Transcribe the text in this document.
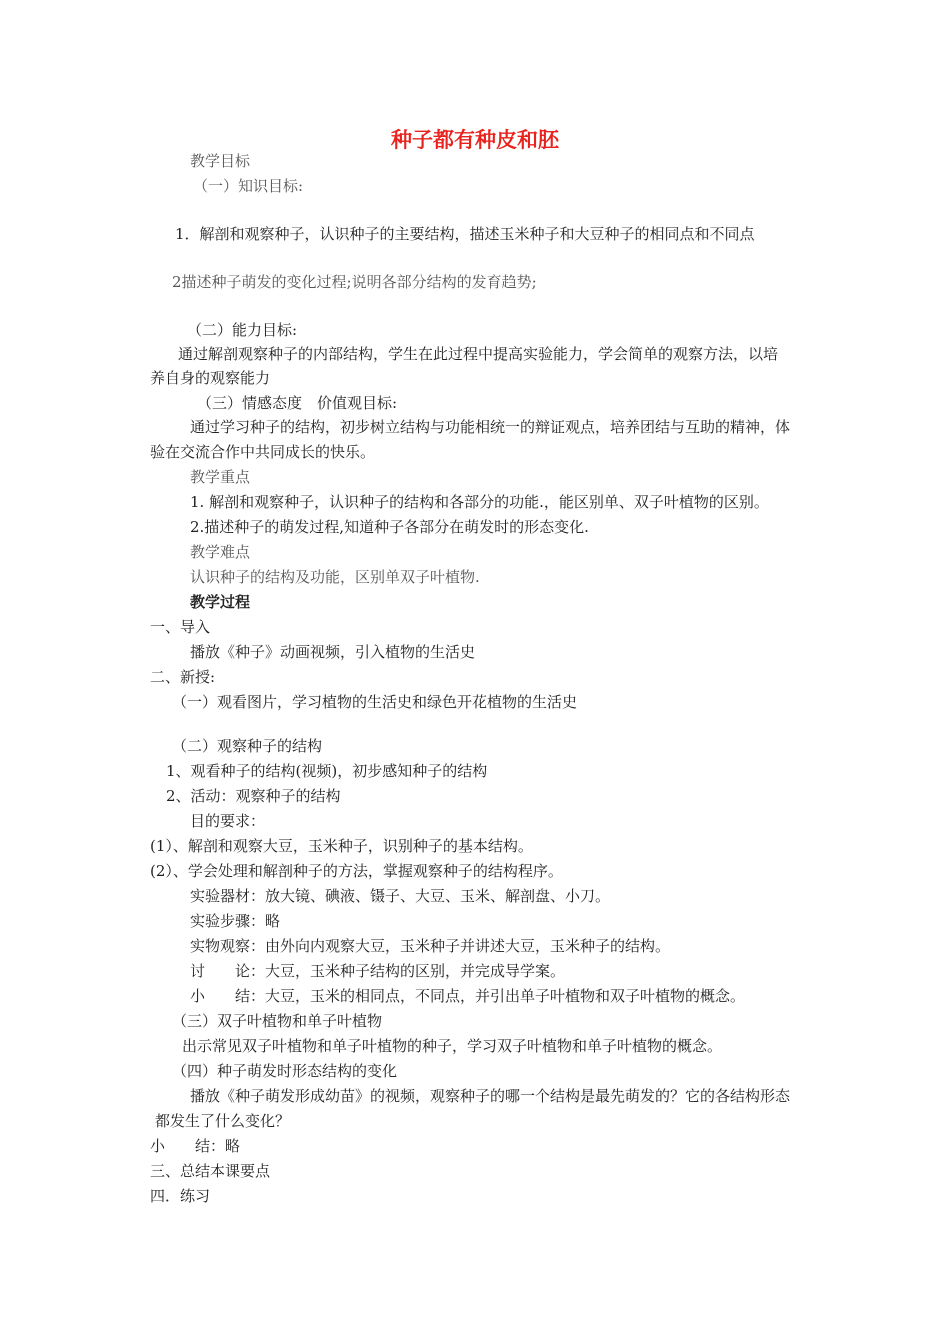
种子都有种皮和胚
教学目标
（一）知识目标:
1．解剖和观察种子，认识种子的主要结构，描述玉米种子和大豆种子的相同点和不同点
2描述种子萌发的变化过程;说明各部分结构的发育趋势;
（二）能力目标:
通过解剖观察种子的内部结构，学生在此过程中提高实验能力，学会简单的观察方法，以培
养自身的观察能力
（三）情感态度　价值观目标:
通过学习种子的结构，初步树立结构与功能相统一的辩证观点，培养团结与互助的精神，体
验在交流合作中共同成长的快乐。
教学重点
1. 解剖和观察种子，认识种子的结构和各部分的功能.，能区别单、双子叶植物的区别。
2.描述种子的萌发过程,知道种子各部分在萌发时的形态变化.
教学难点
认识种子的结构及功能，区别单双子叶植物.
教学过程
一、导入
播放《种子》动画视频，引入植物的生活史
二、新授:
（一）观看图片，学习植物的生活史和绿色开花植物的生活史
（二）观察种子的结构
1、观看种子的结构(视频)，初步感知种子的结构
2、活动：观察种子的结构
目的要求：
(1）、解剖和观察大豆，玉米种子，识别种子的基本结构。
(2）、学会处理和解剖种子的方法，掌握观察种子的结构程序。
实验器材：放大镜、碘液、镊子、大豆、玉米、解剖盘、小刀。
实验步骤：略
实物观察：由外向内观察大豆，玉米种子并讲述大豆，玉米种子的结构。
讨　　论：大豆，玉米种子结构的区别，并完成导学案。
小　　结：大豆，玉米的相同点，不同点，并引出单子叶植物和双子叶植物的概念。
（三）双子叶植物和单子叶植物
出示常见双子叶植物和单子叶植物的种子，学习双子叶植物和单子叶植物的概念。
（四）种子萌发时形态结构的变化
播放《种子萌发形成幼苗》的视频，观察种子的哪一个结构是最先萌发的？它的各结构形态
都发生了什么变化？
小　　结：略
三、总结本课要点
四．练习
